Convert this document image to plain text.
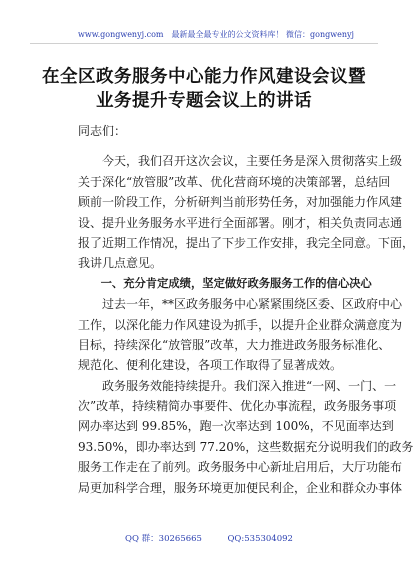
www.gongwenyj.com　最新最全最专业的公文资料库！ 微信：gongwenyj
在全区政务服务中心能力作风建设会议暨
业务提升专题会议上的讲话
同志们：
　　今天，我们召开这次会议，主要任务是深入贯彻落实上级
关于深化“放管服”改革、优化营商环境的决策部署，总结回
顾前一阶段工作，分析研判当前形势任务，对加强能力作风建
设、提升业务服务水平进行全面部署。刚才，相关负责同志通
报了近期工作情况，提出了下步工作安排，我完全同意。下面，
我讲几点意见。
　　一、充分肯定成绩，坚定做好政务服务工作的信心决心
　　过去一年，**区政务服务中心紧紧围绕区委、区政府中心
工作，以深化能力作风建设为抓手，以提升企业群众满意度为
目标，持续深化“放管服”改革，大力推进政务服务标准化、
规范化、便利化建设，各项工作取得了显著成效。
　　政务服务效能持续提升。我们深入推进“一网、一门、一
次”改革，持续精简办事要件、优化办事流程，政务服务事项
网办率达到 99.85%，跑一次率达到 100%，不见面率达到
93.50%，即办率达到 77.20%，这些数据充分说明我们的政务
服务工作走在了前列。政务服务中心新址启用后，大厅功能布
局更加科学合理，服务环境更加便民利企，企业和群众办事体
QQ 群：30265665　　　QQ:535304092
